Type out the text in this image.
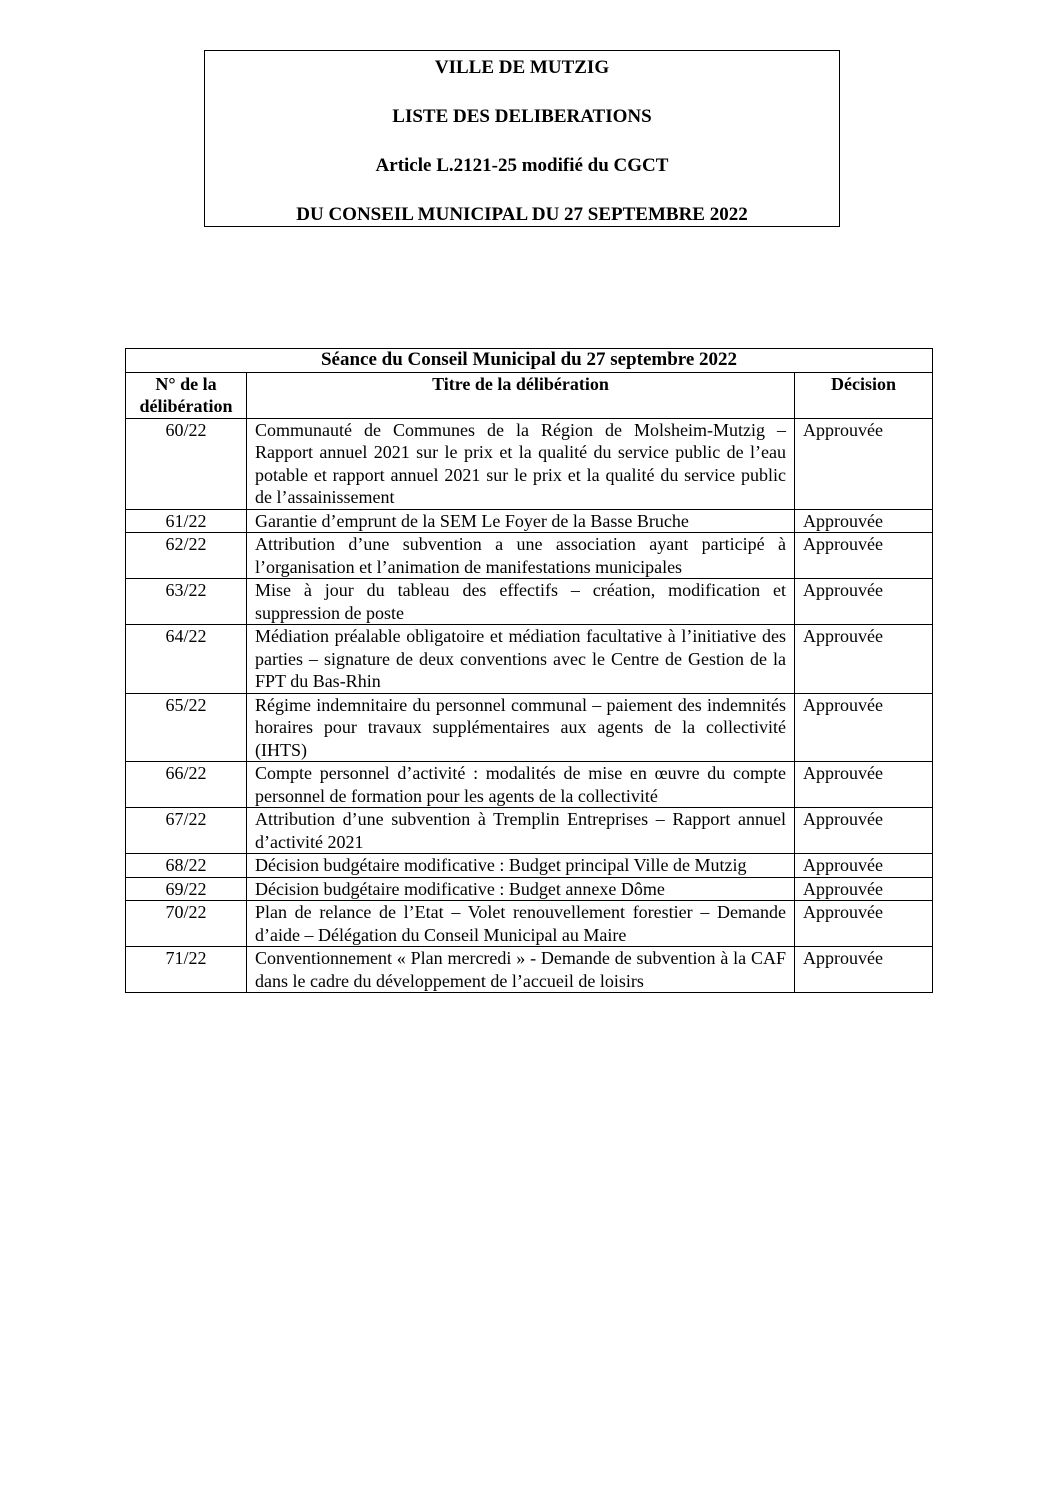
VILLE DE MUTZIG
LISTE DES DELIBERATIONS
Article L.2121-25 modifié du CGCT
DU CONSEIL MUNICIPAL DU 27 SEPTEMBRE 2022
Séance du Conseil Municipal du 27 septembre 2022		
N° de la délibération	Titre de la délibération	Décision
60/22	Communauté de Communes de la Région de Molsheim-Mutzig – Rapport annuel 2021 sur le prix et la qualité du service public de l’eau potable et rapport annuel 2021 sur le prix et la qualité du service public de l’assainissement	Approuvée
61/22	Garantie d’emprunt de la SEM Le Foyer de la Basse Bruche	Approuvée
62/22	Attribution d’une subvention a une association ayant participé à l’organisation et l’animation de manifestations municipales	Approuvée
63/22	Mise à jour du tableau des effectifs – création, modification et suppression de poste	Approuvée
64/22	Médiation préalable obligatoire et médiation facultative à l’initiative des parties – signature de deux conventions avec le Centre de Gestion de la FPT du Bas-Rhin	Approuvée
65/22	Régime indemnitaire du personnel communal – paiement des indemnités horaires pour travaux supplémentaires aux agents de la collectivité (IHTS)	Approuvée
66/22	Compte personnel d’activité : modalités de mise en œuvre du compte personnel de formation pour les agents de la collectivité	Approuvée
67/22	Attribution d’une subvention à Tremplin Entreprises – Rapport annuel d’activité 2021	Approuvée
68/22	Décision budgétaire modificative : Budget principal Ville de Mutzig	Approuvée
69/22	Décision budgétaire modificative : Budget annexe Dôme	Approuvée
70/22	Plan de relance de l’Etat – Volet renouvellement forestier – Demande d’aide – Délégation du Conseil Municipal au Maire	Approuvée
71/22	Conventionnement « Plan mercredi » - Demande de subvention à la CAF dans le cadre du développement de l’accueil de loisirs	Approuvée
